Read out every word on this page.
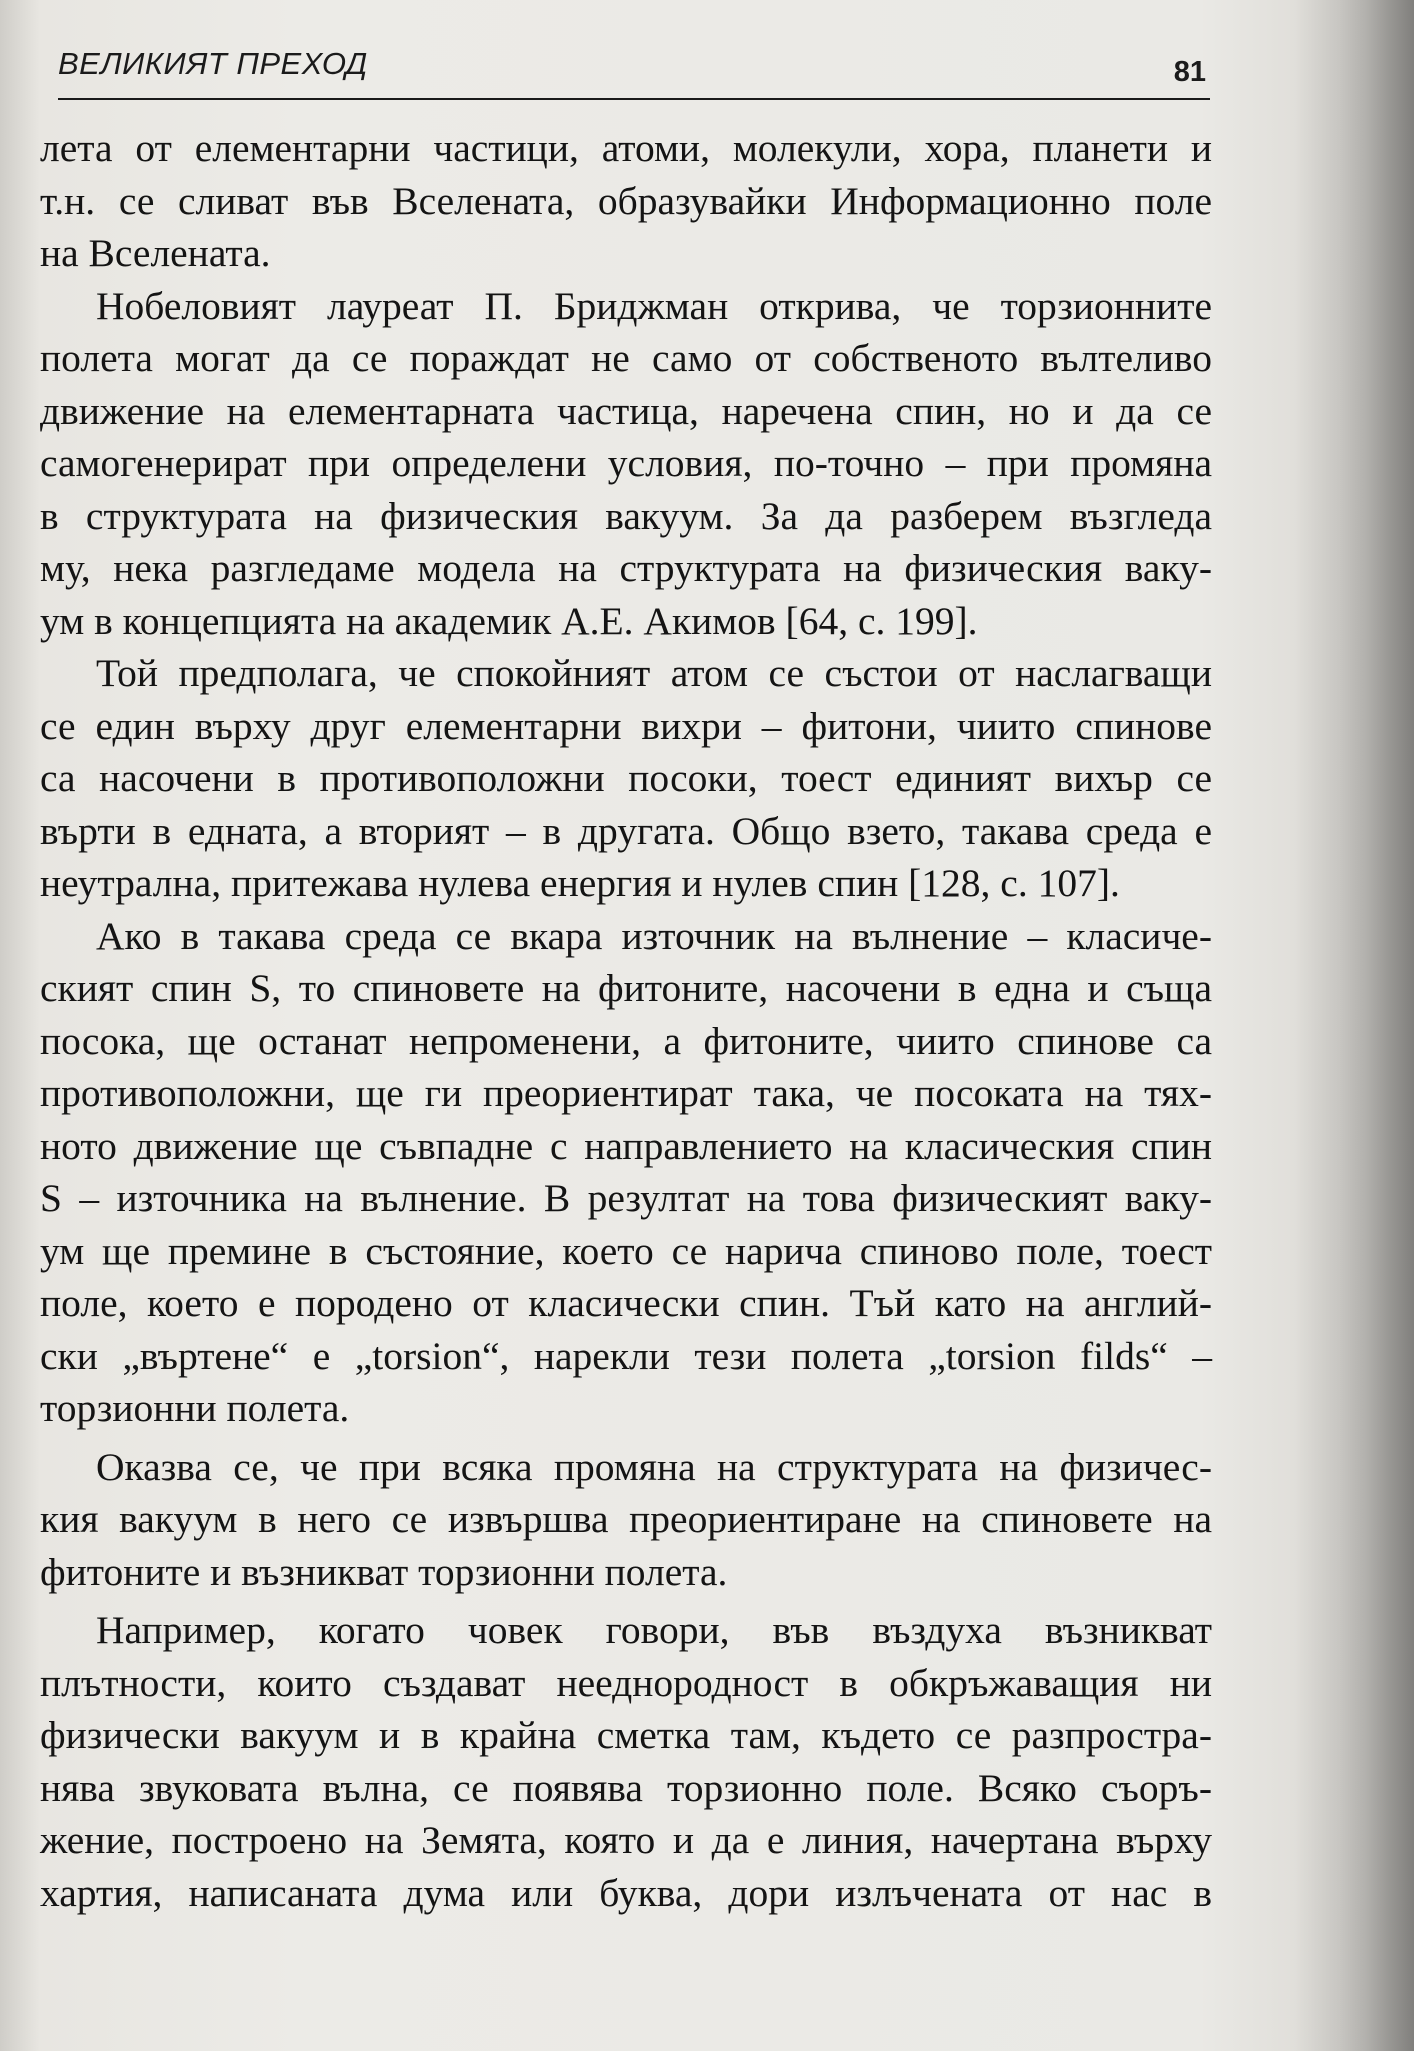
ВЕЛИКИЯТ ПРЕХОД	81
лета от елементарни частици, атоми, молекули, хора, планети и
т.н. се сливат във Вселената, образувайки Информационно поле
на Вселената.
Нобеловият лауреат П. Бриджман открива, че торзионните
полета могат да се пораждат не само от собственото вълтеливо
движение на елементарната частица, наречена спин, но и да се
самогенерират при определени условия, по-точно – при промяна
в структурата на физическия вакуум. За да разберем възгледа
му, нека разгледаме модела на структурата на физическия ваку-
ум в концепцията на академик А.Е. Акимов [64, с. 199].
Той предполага, че спокойният атом се състои от наслагващи
се един върху друг елементарни вихри – фитони, чиито спинове
са насочени в противоположни посоки, тоест единият вихър се
върти в едната, а вторият – в другата. Общо взето, такава среда е
неутрална, притежава нулева енергия и нулев спин [128, с. 107].
Ако в такава среда се вкара източник на вълнение – класиче-
ският спин S, то спиновете на фитоните, насочени в една и съща
посока, ще останат непроменени, а фитоните, чиито спинове са
противоположни, ще ги преориентират така, че посоката на тях-
ното движение ще съвпадне с направлението на класическия спин
S – източника на вълнение. В резултат на това физическият ваку-
ум ще премине в състояние, което се нарича спиново поле, тоест
поле, което е породено от класически спин. Тъй като на англий-
ски „въртене“ е „torsion“, нарекли тези полета „torsion filds“ –
торзионни полета.
Оказва се, че при всяка промяна на структурата на физичес-
кия вакуум в него се извършва преориентиране на спиновете на
фитоните и възникват торзионни полета.
Например, когато човек говори, във въздуха възникват
плътности, които създават нееднородност в обкръжаващия ни
физически вакуум и в крайна сметка там, където се разпростра-
нява звуковата вълна, се появява торзионно поле. Всяко съоръ-
жение, построено на Земята, която и да е линия, начертана върху
хартия, написаната дума или буква, дори излъчената от нас в
